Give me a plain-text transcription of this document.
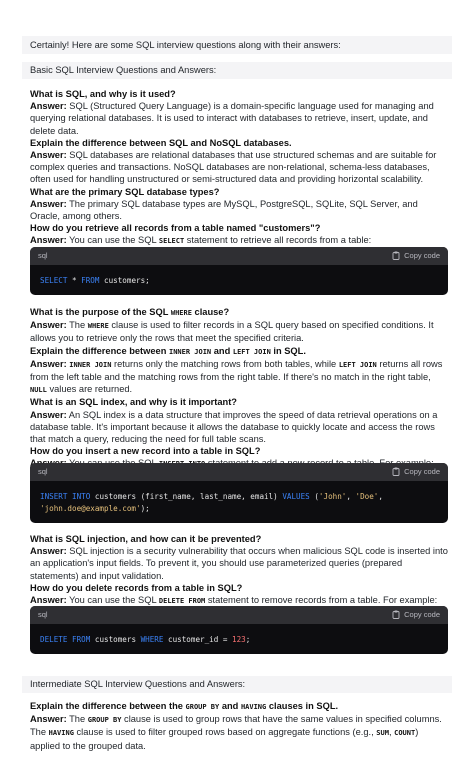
Certainly! Here are some SQL interview questions along with their answers:
Basic SQL Interview Questions and Answers:

What is SQL, and why is it used?

Answer: SQL (Structured Query Language) is a domain-specific language used for managing and querying relational databases. It is used to interact with databases to retrieve, insert, update, and delete data.

Explain the difference between SQL and NoSQL databases.

Answer: SQL databases are relational databases that use structured schemas and are suitable for complex queries and transactions. NoSQL databases are non-relational, schema-less databases, often used for handling unstructured or semi-structured data and providing horizontal scalability.

What are the primary SQL database types?

Answer: The primary SQL database types are MySQL, PostgreSQL, SQLite, SQL Server, and Oracle, among others.

How do you retrieve all records from a table named "customers"?

Answer: You can use the SQL SELECT statement to retrieve all records from a table:

sql	Copy code
SELECT * FROM customers;

What is the purpose of the SQL WHERE clause?

Answer: The WHERE clause is used to filter records in a SQL query based on specified conditions. It allows you to retrieve only the rows that meet the specified criteria.

Explain the difference between INNER JOIN and LEFT JOIN in SQL.

Answer: INNER JOIN returns only the matching rows from both tables, while LEFT JOIN returns all rows from the left table and the matching rows from the right table. If there's no match in the right table, NULL values are returned.

What is an SQL index, and why is it important?

Answer: An SQL index is a data structure that improves the speed of data retrieval operations on a database table. It's important because it allows the database to quickly locate and access the rows that match a query, reducing the need for full table scans.

How do you insert a new record into a table in SQL?

sql	Copy code
INSERT INTO customers (first_name, last_name, email) VALUES ('John', 'Doe',
'john.doe@example.com');

What is SQL injection, and how can it be prevented?

Answer: SQL injection is a security vulnerability that occurs when malicious SQL code is inserted into an application's input fields. To prevent it, you should use parameterized queries (prepared statements) and input validation.

How do you delete records from a table in SQL?

Answer: You can use the SQL DELETE FROM statement to remove records from a table. For example:

sql	Copy code
DELETE FROM customers WHERE customer_id = 123;
Intermediate SQL Interview Questions and Answers:

Explain the difference between the GROUP BY and HAVING clauses in SQL.

Answer: The GROUP BY clause is used to group rows that have the same values in specified columns. The HAVING clause is used to filter grouped rows based on aggregate functions (e.g., SUM, COUNT) applied to the grouped data.
